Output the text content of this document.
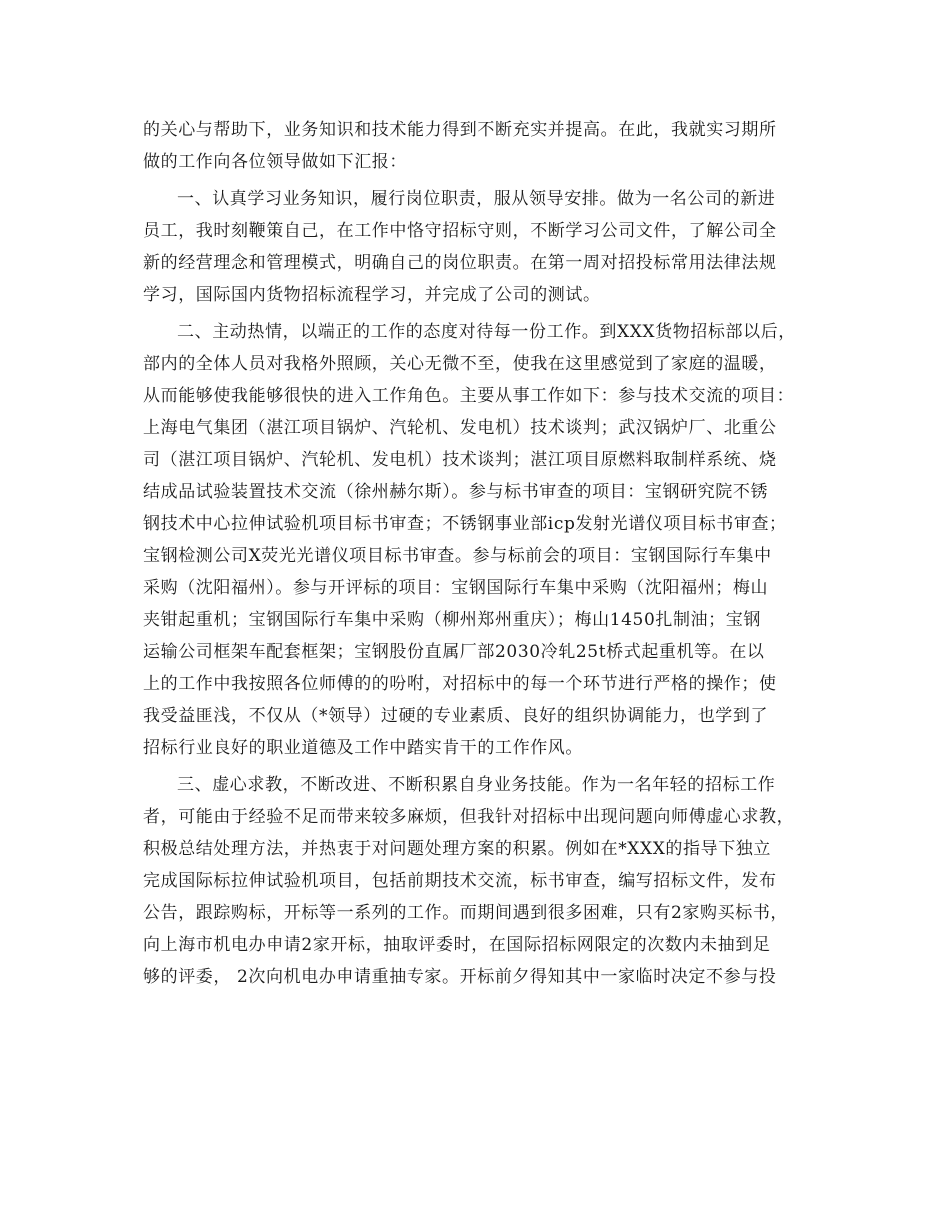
的关心与帮助下，业务知识和技术能力得到不断充实并提高。在此，我就实习期所
做的工作向各位领导做如下汇报：
一、认真学习业务知识，履行岗位职责，服从领导安排。做为一名公司的新进
员工，我时刻鞭策自己，在工作中恪守招标守则，不断学习公司文件，了解公司全
新的经营理念和管理模式，明确自己的岗位职责。在第一周对招投标常用法律法规
学习，国际国内货物招标流程学习，并完成了公司的测试。
二、主动热情，以端正的工作的态度对待每一份工作。到XXX货物招标部以后，
部内的全体人员对我格外照顾，关心无微不至，使我在这里感觉到了家庭的温暖，
从而能够使我能够很快的进入工作角色。主要从事工作如下：参与技术交流的项目：
上海电气集团（湛江项目锅炉、汽轮机、发电机）技术谈判；武汉锅炉厂、北重公
司（湛江项目锅炉、汽轮机、发电机）技术谈判；湛江项目原燃料取制样系统、烧
结成品试验装置技术交流（徐州赫尔斯）。参与标书审查的项目：宝钢研究院不锈
钢技术中心拉伸试验机项目标书审查；不锈钢事业部icp发射光谱仪项目标书审查；
宝钢检测公司X荧光光谱仪项目标书审查。参与标前会的项目：宝钢国际行车集中
采购（沈阳福州）。参与开评标的项目：宝钢国际行车集中采购（沈阳福州；梅山
夹钳起重机；宝钢国际行车集中采购（柳州郑州重庆）；梅山1450扎制油；宝钢
运输公司框架车配套框架；宝钢股份直属厂部2030冷轧25t桥式起重机等。在以
上的工作中我按照各位师傅的的吩咐，对招标中的每一个环节进行严格的操作；使
我受益匪浅，不仅从（*领导）过硬的专业素质、良好的组织协调能力，也学到了
招标行业良好的职业道德及工作中踏实肯干的工作作风。
三、虚心求教，不断改进、不断积累自身业务技能。作为一名年轻的招标工作
者，可能由于经验不足而带来较多麻烦，但我针对招标中出现问题向师傅虚心求教，
积极总结处理方法，并热衷于对问题处理方案的积累。例如在*XXX的指导下独立
完成国际标拉伸试验机项目，包括前期技术交流，标书审查，编写招标文件，发布
公告，跟踪购标，开标等一系列的工作。而期间遇到很多困难，只有2家购买标书，
向上海市机电办申请2家开标，抽取评委时，在国际招标网限定的次数内未抽到足
够的评委， 2次向机电办申请重抽专家。开标前夕得知其中一家临时决定不参与投
